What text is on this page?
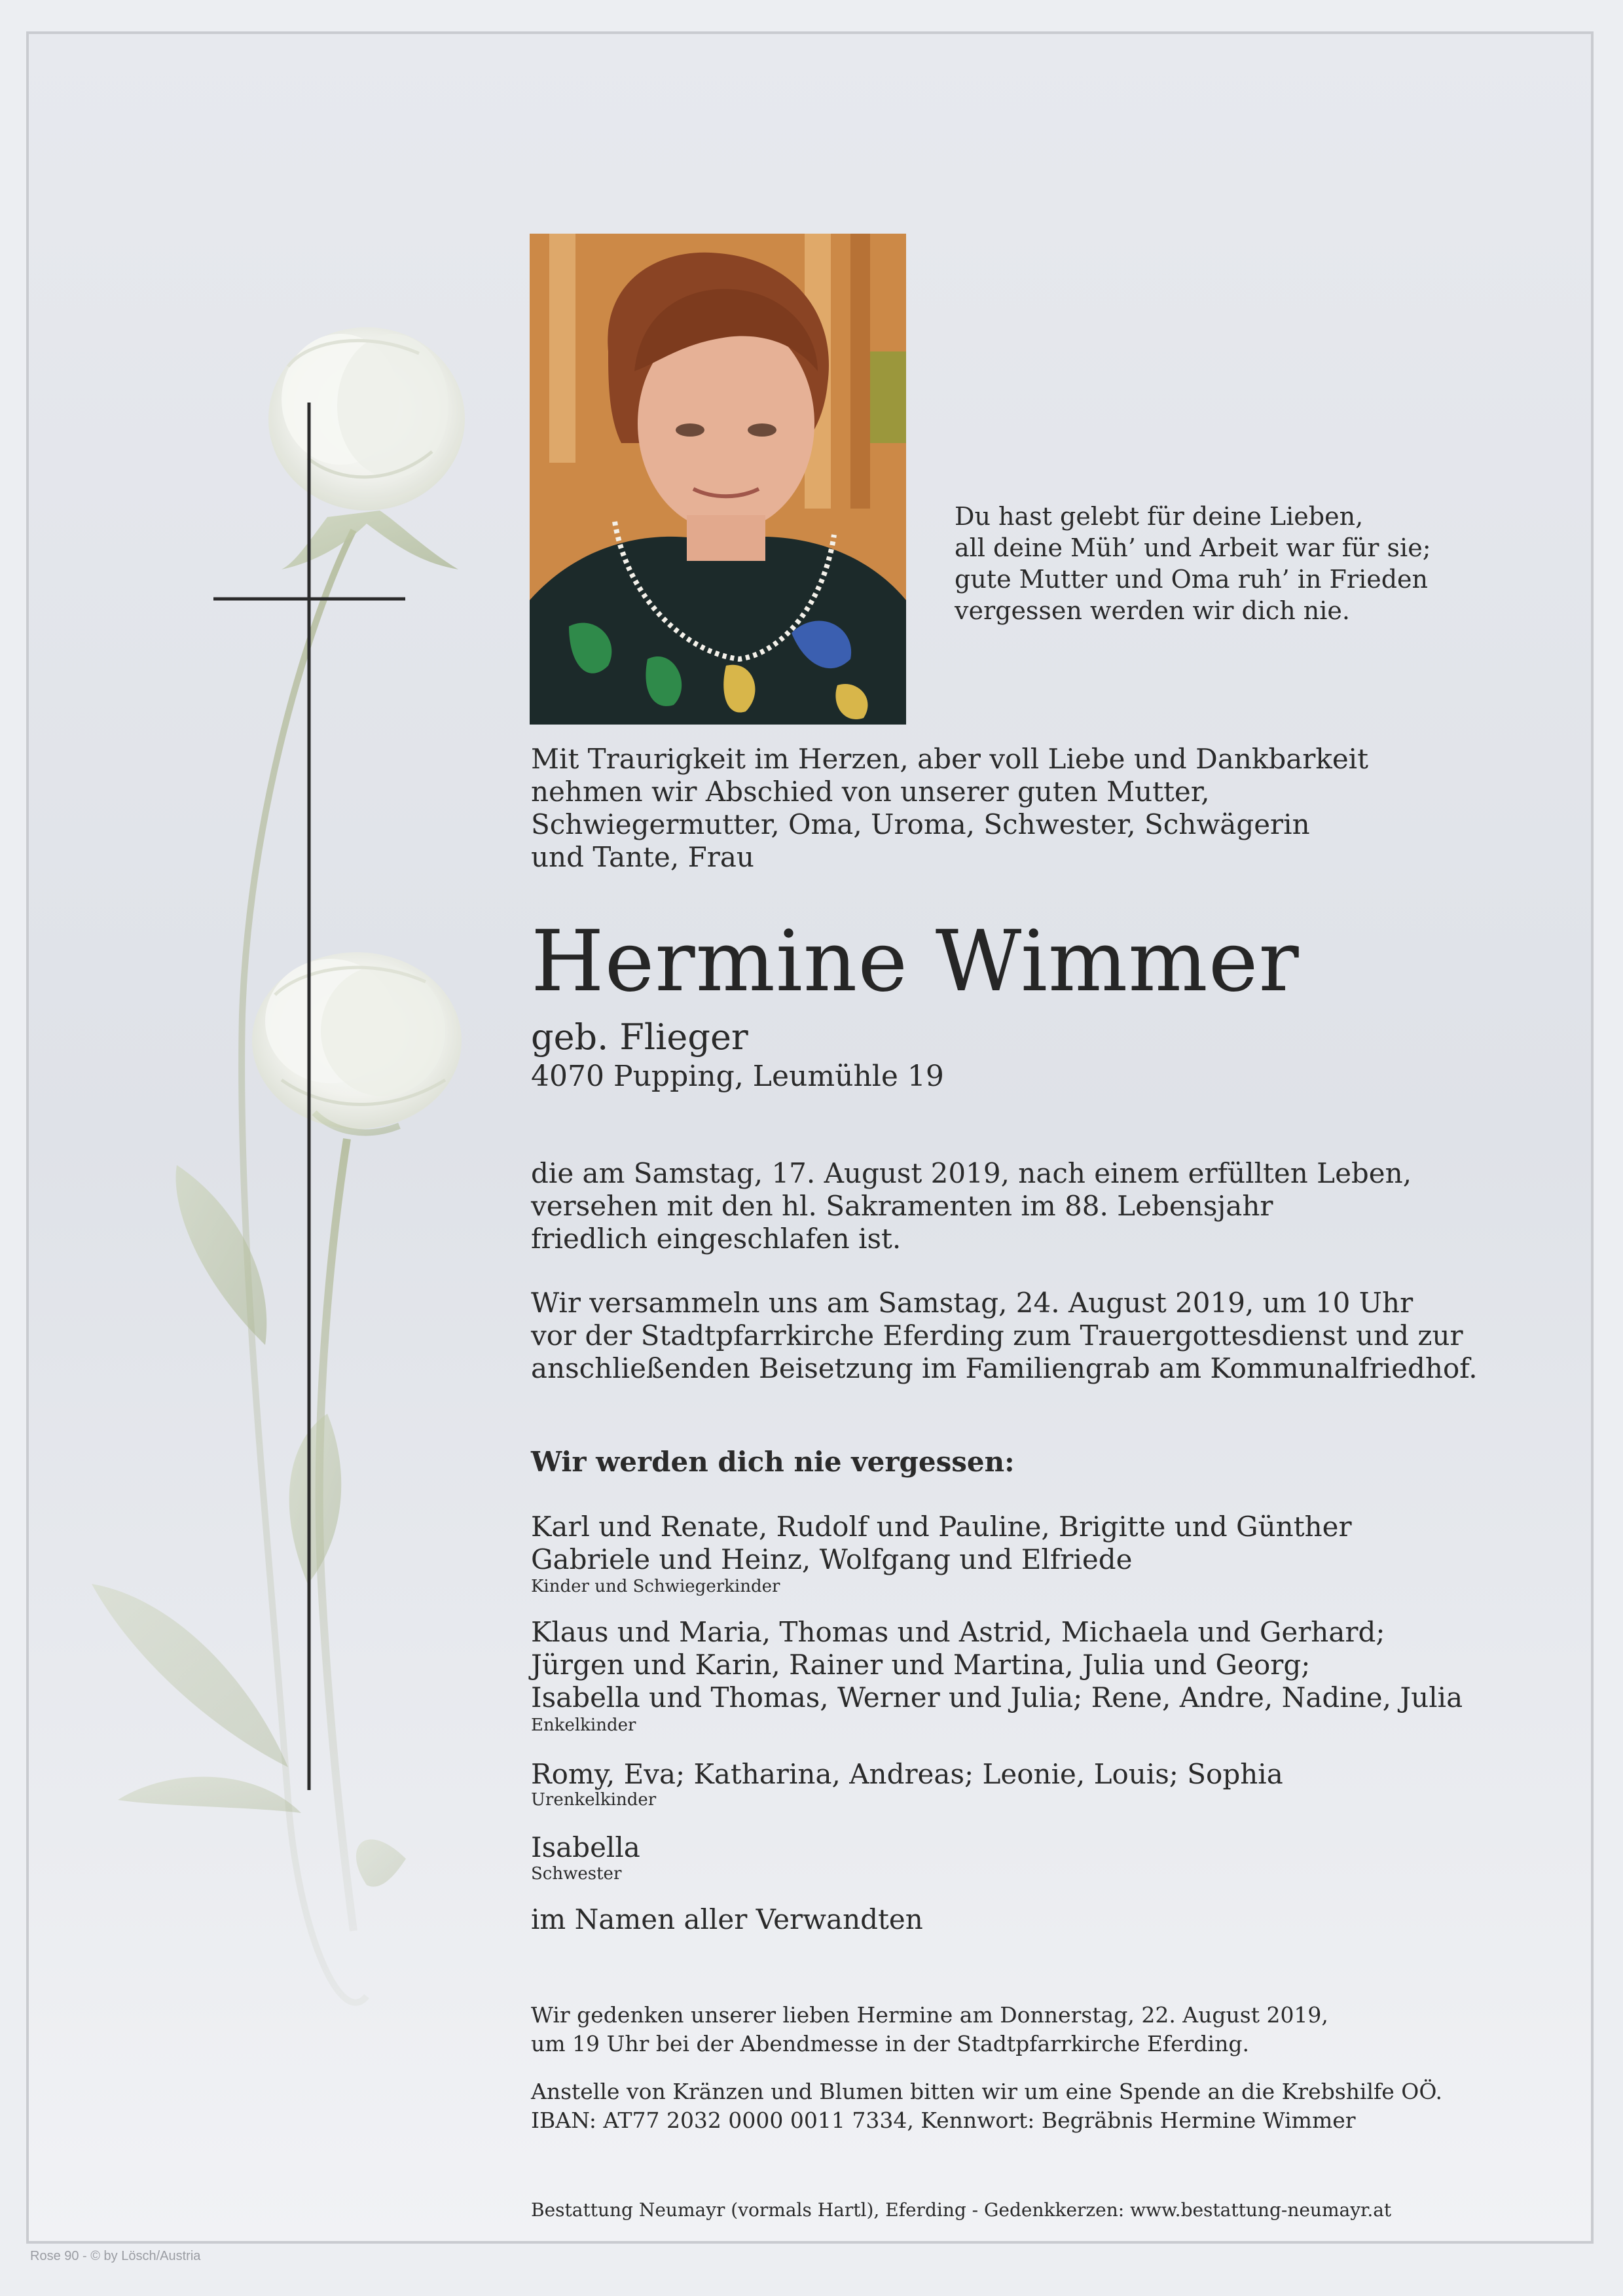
Du hast gelebt für deine Lieben,
all deine Müh’ und Arbeit war für sie;
gute Mutter und Oma ruh’ in Frieden
vergessen werden wir dich nie.
Mit Traurigkeit im Herzen, aber voll Liebe und Dankbarkeit
nehmen wir Abschied von unserer guten Mutter,
Schwiegermutter, Oma, Uroma, Schwester, Schwägerin
und Tante, Frau
Hermine Wimmer
geb. Flieger
4070 Pupping, Leumühle 19
die am Samstag, 17. August 2019, nach einem erfüllten Leben,
versehen mit den hl. Sakramenten im 88. Lebensjahr
friedlich eingeschlafen ist.
Wir versammeln uns am Samstag, 24. August 2019, um 10 Uhr
vor der Stadtpfarrkirche Eferding zum Trauergottesdienst und zur
anschließenden Beisetzung im Familiengrab am Kommunalfriedhof.
Wir werden dich nie vergessen:
Karl und Renate, Rudolf und Pauline, Brigitte und Günther
Gabriele und Heinz, Wolfgang und Elfriede
Kinder und Schwiegerkinder
Klaus und Maria, Thomas und Astrid, Michaela und Gerhard;
Jürgen und Karin, Rainer und Martina, Julia und Georg;
Isabella und Thomas, Werner und Julia; Rene, Andre, Nadine, Julia
Enkelkinder
Romy, Eva; Katharina, Andreas; Leonie, Louis; Sophia
Urenkelkinder
Isabella
Schwester
im Namen aller Verwandten
Wir gedenken unserer lieben Hermine am Donnerstag, 22. August 2019,
um 19 Uhr bei der Abendmesse in der Stadtpfarrkirche Eferding.
Anstelle von Kränzen und Blumen bitten wir um eine Spende an die Krebshilfe OÖ.
IBAN: AT77 2032 0000 0011 7334, Kennwort: Begräbnis Hermine Wimmer
Bestattung Neumayr (vormals Hartl), Eferding - Gedenkkerzen: www.bestattung-neumayr.at
Rose 90 - © by Lösch/Austria
